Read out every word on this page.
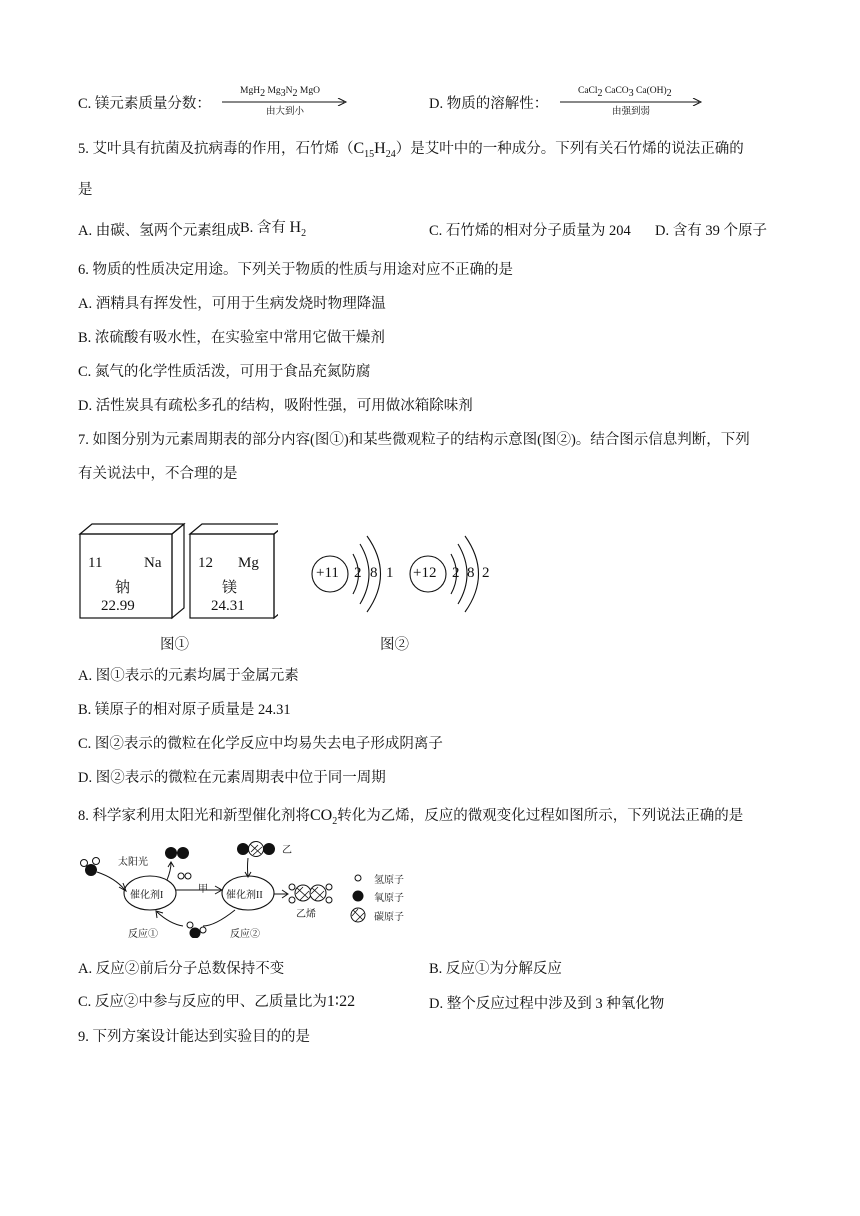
C. 镁元素质量分数：
MgH$_2$ $Mg_3N_2$ MgO
由大到小	D. 物质的溶解性：
CaCl$_2$ CaCO$_3$ $Ca(OH)_2$
由强到弱
5. 艾叶具有抗菌及抗病毒的作用，石竹烯$(C_{15}H_{24})$是艾叶中的一种成分。下列有关石竹烯的说法正确的
是
A. 由碳、氢两个元素组成 B. 含有 $H_2$	C. 石竹烯的相对分子质量为 204 D. 含有 39 个原子
6. 物质的性质决定用途。下列关于物质的性质与用途对应不正确的是
A. 酒精具有挥发性，可用于生病发烧时物理降温
B. 浓硫酸有吸水性，在实验室中常用它做干燥剂
C. 氮气的化学性质活泼，可用于食品充氮防腐
D. 活性炭具有疏松多孔的结构，吸附性强，可用做冰箱除味剂
7. 如图分别为元素周期表的部分内容(图①)和某些微观粒子的结构示意图(图②)。结合图示信息判断，下列
有关说法中，不合理的是
11	Na
钠
22.99
12 Mg
镁
24.31
图①
+11 2 8 1 +12 2 8 2
图②
A. 图①表示的元素均属于金属元素
B. 镁原子的相对原子质量是 24.31
C. 图②表示的微粒在化学反应中均易失去电子形成阴离子
D. 图②表示的微粒在元素周期表中位于同一周期
8. 科学家利用太阳光和新型催化剂将$CO_2$转化为乙烯，反应的微观变化过程如图所示，下列说法正确的是
太阳光
催化剂I	催化剂II
甲
乙
乙烯
反应①	反应②
氢原子
氧原子
碳原子
A. 反应②前后分子总数保持不变	B. 反应①为分解反应
C. 反应②中参与反应的甲、乙质量比为1∶22	D. 整个反应过程中涉及到 3 种氧化物
9. 下列方案设计能达到实验目的的是
